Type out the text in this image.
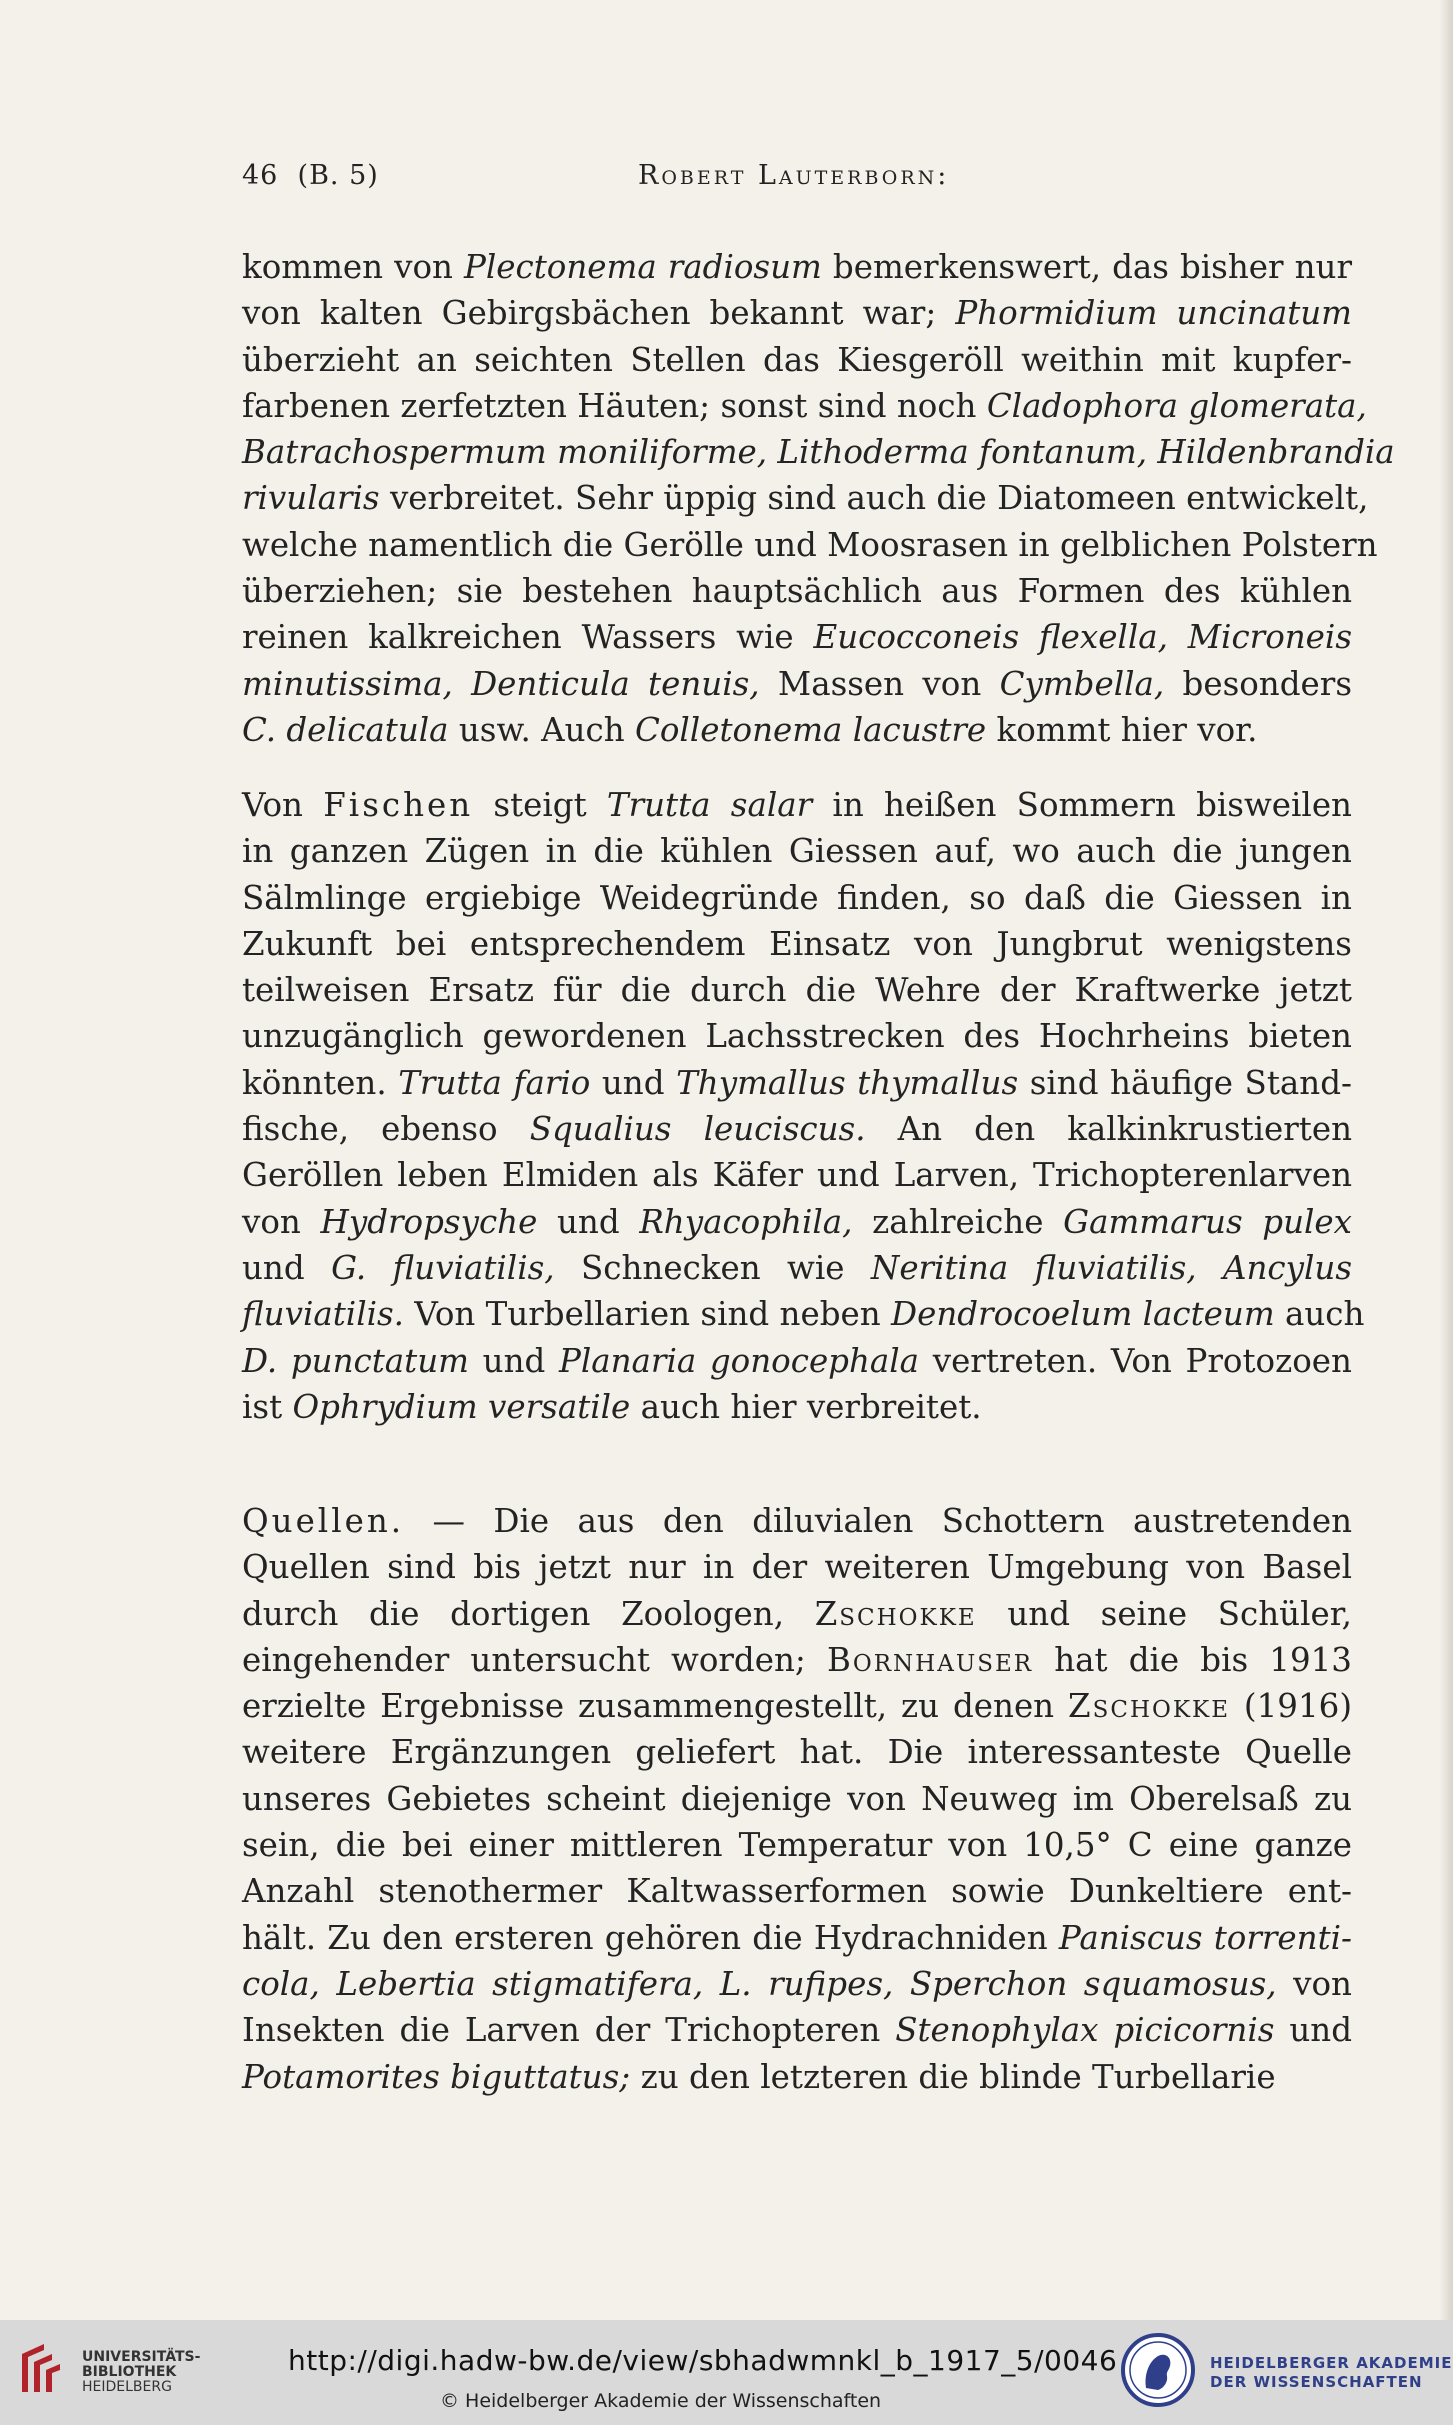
46 (B. 5)	Robert Lauterborn:
kommen von Plectonema radiosum bemerkenswert, das bisher nur
von kalten Gebirgsbächen bekannt war; Phormidium uncinatum
überzieht an seichten Stellen das Kiesgeröll weithin mit kupfer-
farbenen zerfetzten Häuten; sonst sind noch Cladophora glomerata,
Batrachospermum moniliforme, Lithoderma fontanum, Hildenbrandia
rivularis verbreitet. Sehr üppig sind auch die Diatomeen entwickelt,
welche namentlich die Gerölle und Moosrasen in gelblichen Polstern
überziehen; sie bestehen hauptsächlich aus Formen des kühlen
reinen kalkreichen Wassers wie Eucocconeis flexella, Microneis
minutissima, Denticula tenuis, Massen von Cymbella, besonders
C. delicatula usw. Auch Colletonema lacustre kommt hier vor.
Von Fischen steigt Trutta salar in heißen Sommern bisweilen
in ganzen Zügen in die kühlen Giessen auf, wo auch die jungen
Sälmlinge ergiebige Weidegründe finden, so daß die Giessen in
Zukunft bei entsprechendem Einsatz von Jungbrut wenigstens
teilweisen Ersatz für die durch die Wehre der Kraftwerke jetzt
unzugänglich gewordenen Lachsstrecken des Hochrheins bieten
könnten. Trutta fario und Thymallus thymallus sind häufige Stand-
fische, ebenso Squalius leuciscus. An den kalkinkrustierten
Geröllen leben Elmiden als Käfer und Larven, Trichopterenlarven
von Hydropsyche und Rhyacophila, zahlreiche Gammarus pulex
und G. fluviatilis, Schnecken wie Neritina fluviatilis, Ancylus
fluviatilis. Von Turbellarien sind neben Dendrocoelum lacteum auch
D. punctatum und Planaria gonocephala vertreten. Von Protozoen
ist Ophrydium versatile auch hier verbreitet.
Quellen. — Die aus den diluvialen Schottern austretenden
Quellen sind bis jetzt nur in der weiteren Umgebung von Basel
durch die dortigen Zoologen, Zschokke und seine Schüler,
eingehender untersucht worden; Bornhauser hat die bis 1913
erzielte Ergebnisse zusammengestellt, zu denen Zschokke (1916)
weitere Ergänzungen geliefert hat. Die interessanteste Quelle
unseres Gebietes scheint diejenige von Neuweg im Oberelsaß zu
sein, die bei einer mittleren Temperatur von 10,5° C eine ganze
Anzahl stenothermer Kaltwasserformen sowie Dunkeltiere ent-
hält. Zu den ersteren gehören die Hydrachniden Paniscus torrenti-
cola, Lebertia stigmatifera, L. rufipes, Sperchon squamosus, von
Insekten die Larven der Trichopteren Stenophylax picicornis und
Potamorites biguttatus; zu den letzteren die blinde Turbellarie
UNIVERSITÄTS-
BIBLIOTHEK
HEIDELBERG
http://digi.hadw-bw.de/view/sbhadwmnkl_b_1917_5/0046
© Heidelberger Akademie der Wissenschaften
HEIDELBERGER AKADEMIE
DER WISSENSCHAFTEN
